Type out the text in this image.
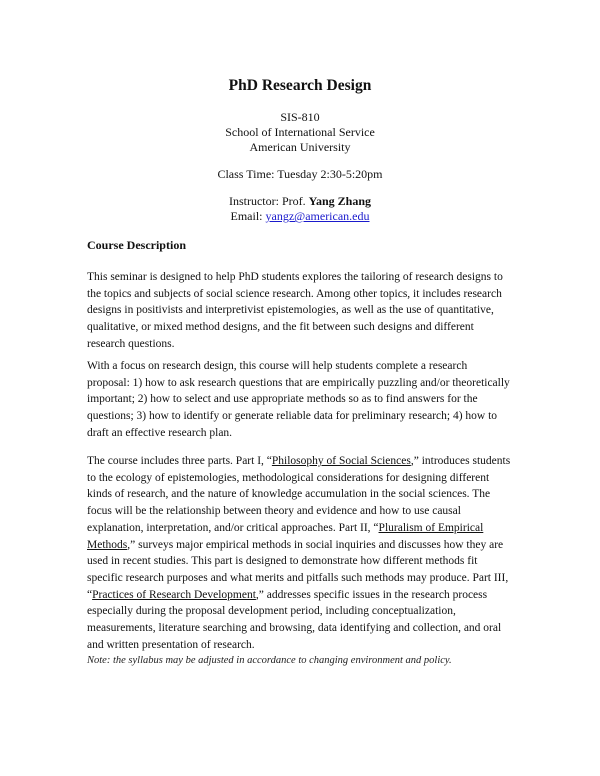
PhD Research Design

SIS-810

School of International Service

American University

Class Time: Tuesday 2:30-5:20pm

Instructor: Prof. Yang Zhang

Email: yangz@american.edu

Course Description

This seminar is designed to help PhD students explores the tailoring of research designs to the topics and subjects of social science research. Among other topics, it includes research designs in positivists and interpretivist epistemologies, as well as the use of quantitative, qualitative, or mixed method designs, and the fit between such designs and different research questions.

With a focus on research design, this course will help students complete a research proposal: 1) how to ask research questions that are empirically puzzling and/or theoretically important; 2) how to select and use appropriate methods so as to find answers for the questions; 3) how to identify or generate reliable data for preliminary research; 4) how to draft an effective research plan.

The course includes three parts. Part I, “Philosophy of Social Sciences,” introduces students to the ecology of epistemologies, methodological considerations for designing different kinds of research, and the nature of knowledge accumulation in the social sciences. The focus will be the relationship between theory and evidence and how to use causal explanation, interpretation, and/or critical approaches. Part II, “Pluralism of Empirical Methods,” surveys major empirical methods in social inquiries and discusses how they are used in recent studies. This part is designed to demonstrate how different methods fit specific research purposes and what merits and pitfalls such methods may produce. Part III, “Practices of Research Development,” addresses specific issues in the research process especially during the proposal development period, including conceptualization, measurements, literature searching and browsing, data identifying and collection, and oral and written presentation of research.

Note: the syllabus may be adjusted in accordance to changing environment and policy.
